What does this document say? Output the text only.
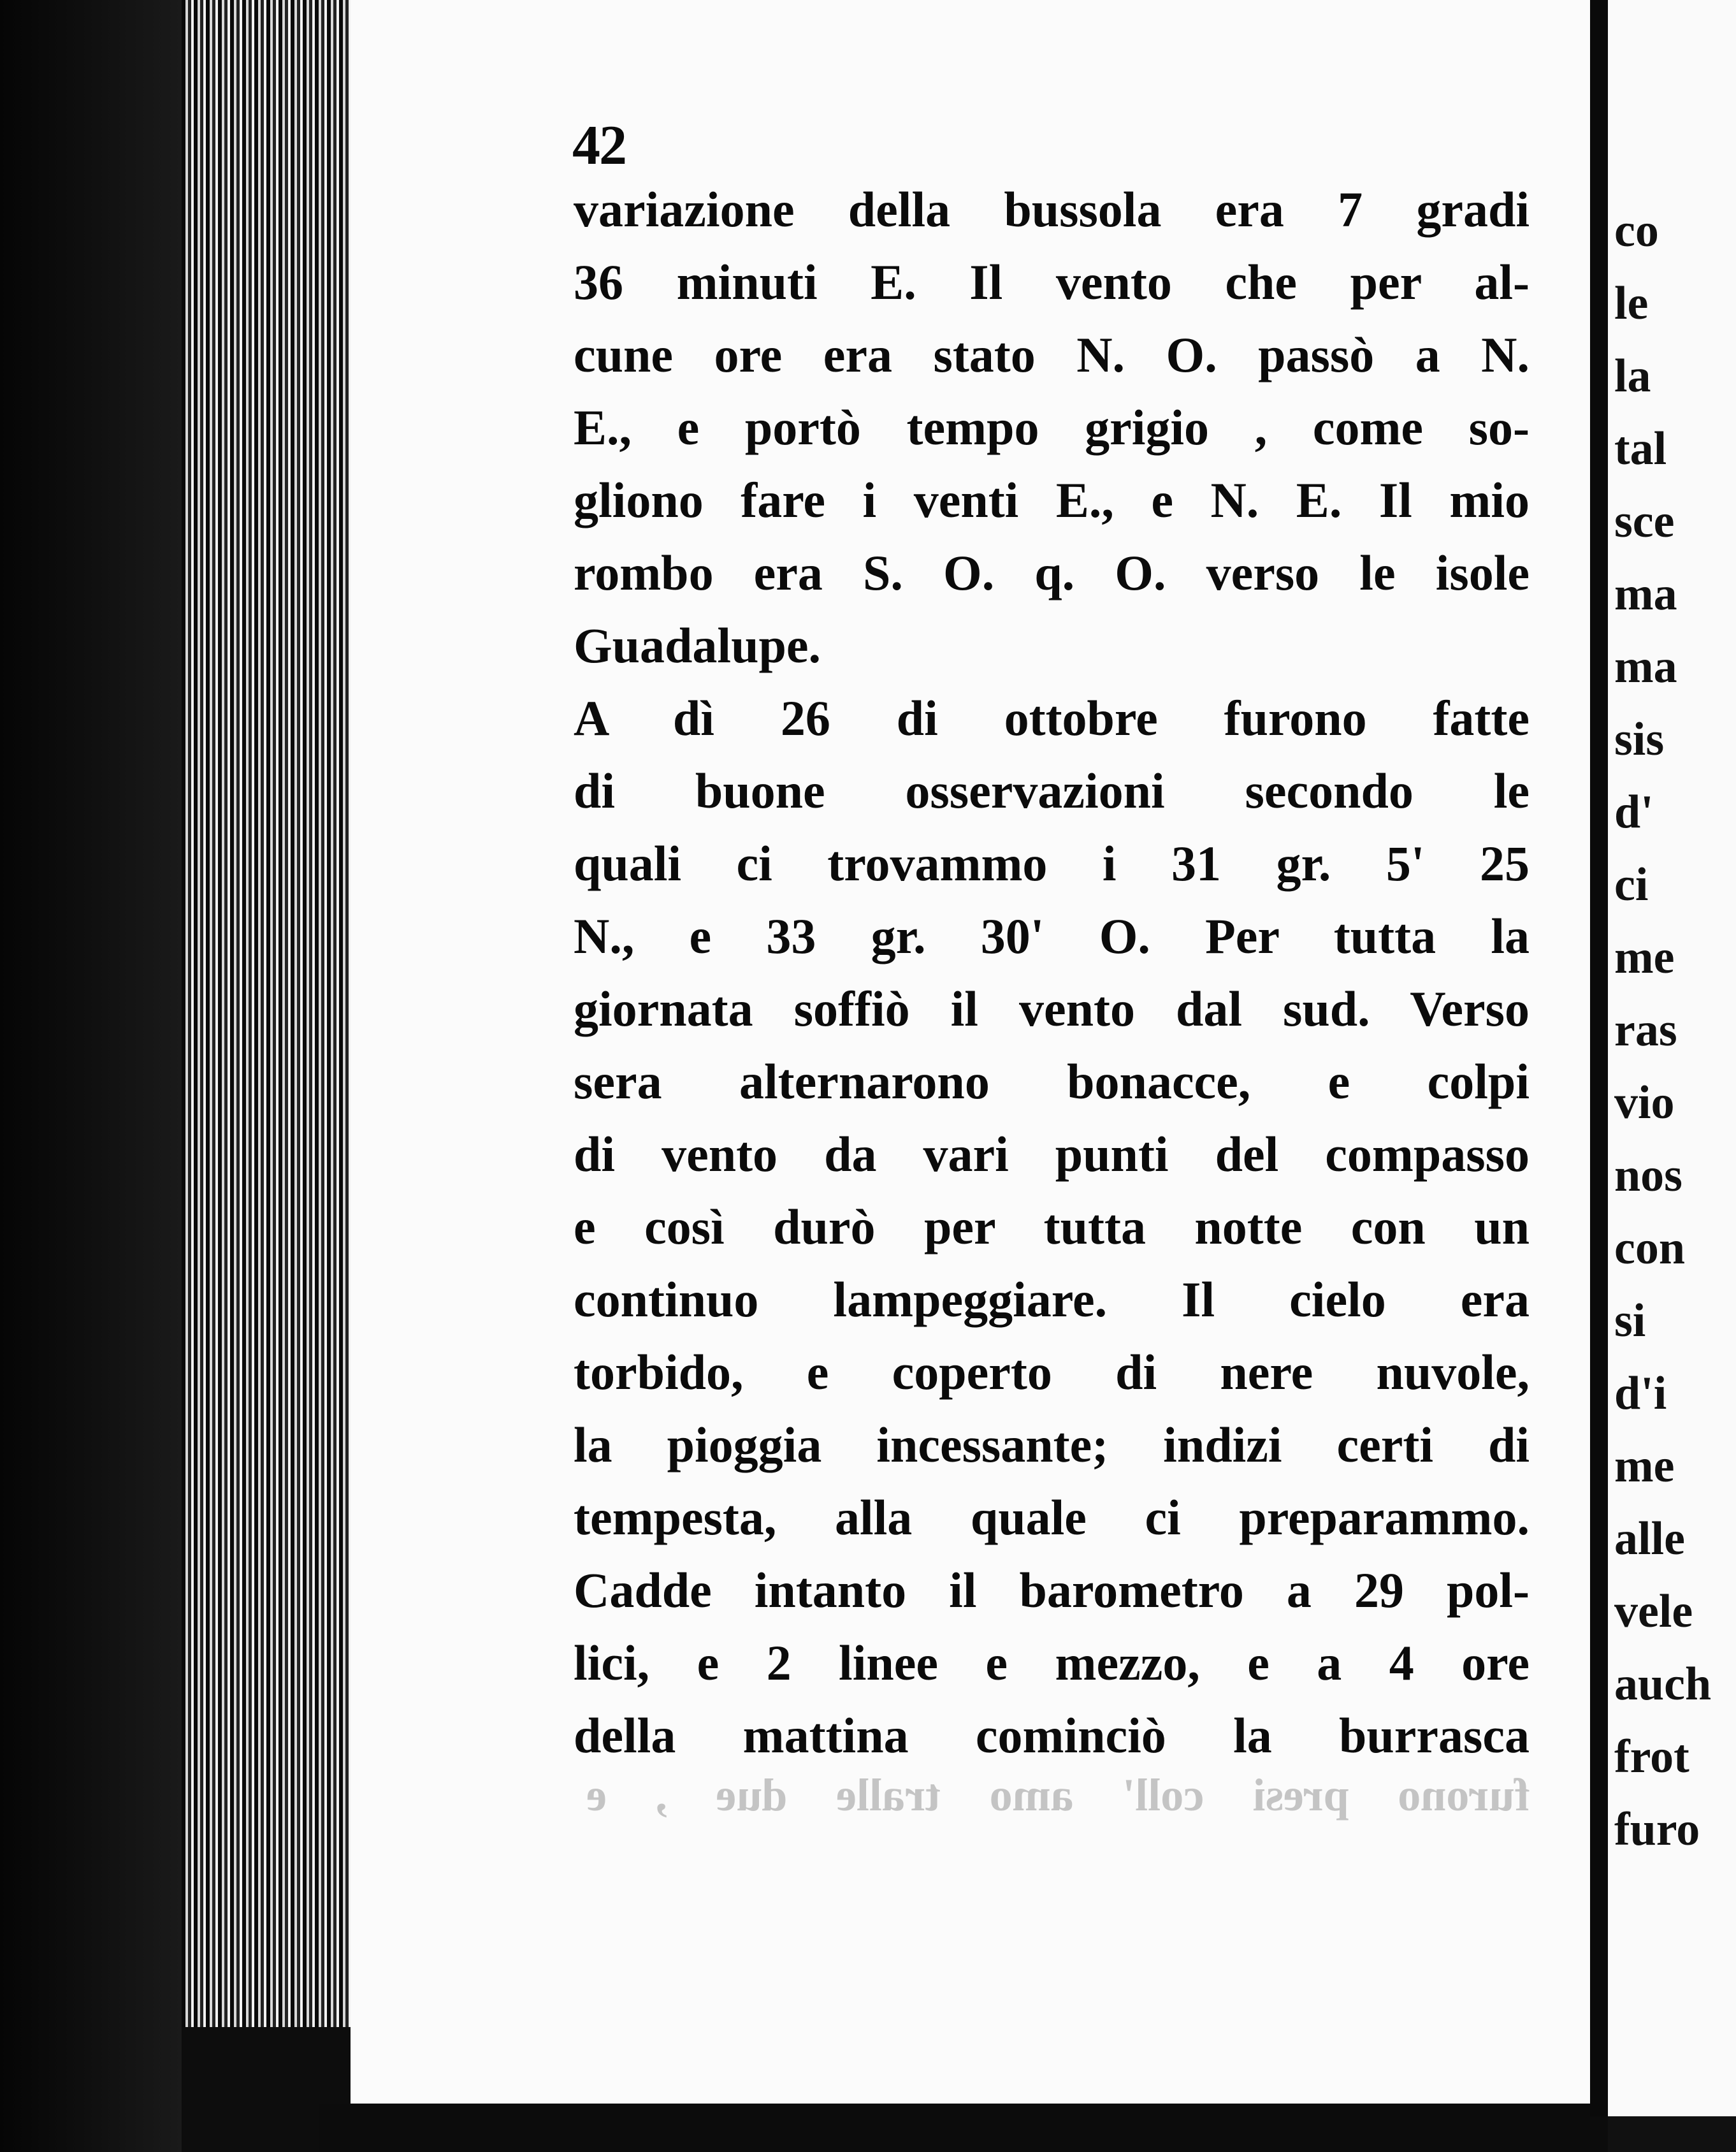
42
variazione della bussola era 7 gradi
36 minuti E. Il vento che per al-
cune ore era stato N. O. passò a N.
E., e portò tempo grigio , come so-
gliono fare i venti E., e N. E. Il mio
rombo era S. O. q. O. verso le isole
Guadalupe.
A dì 26 di ottobre furono fatte
di buone osservazioni secondo le
quali ci trovammo i 31 gr. 5' 25
N., e 33 gr. 30' O. Per tutta la
giornata soffiò il vento dal sud. Verso
sera alternarono bonacce, e colpi
di vento da vari punti del compasso
e così durò per tutta notte con un
continuo lampeggiare. Il cielo era
torbido, e coperto di nere nuvole,
la pioggia incessante; indizi certi di
tempesta, alla quale ci preparammo.
Cadde intanto il barometro a 29 pol-
lici, e 2 linee e mezzo, e a 4 ore
della mattina cominciò la burrasca
furono presi coll' amo tralle due , e
co
le
la
tal
sce
ma
ma
sis
d'
ci
me
ras
vio
nos
con
si
d'i
me
alle
vele
auch
frot
furo
